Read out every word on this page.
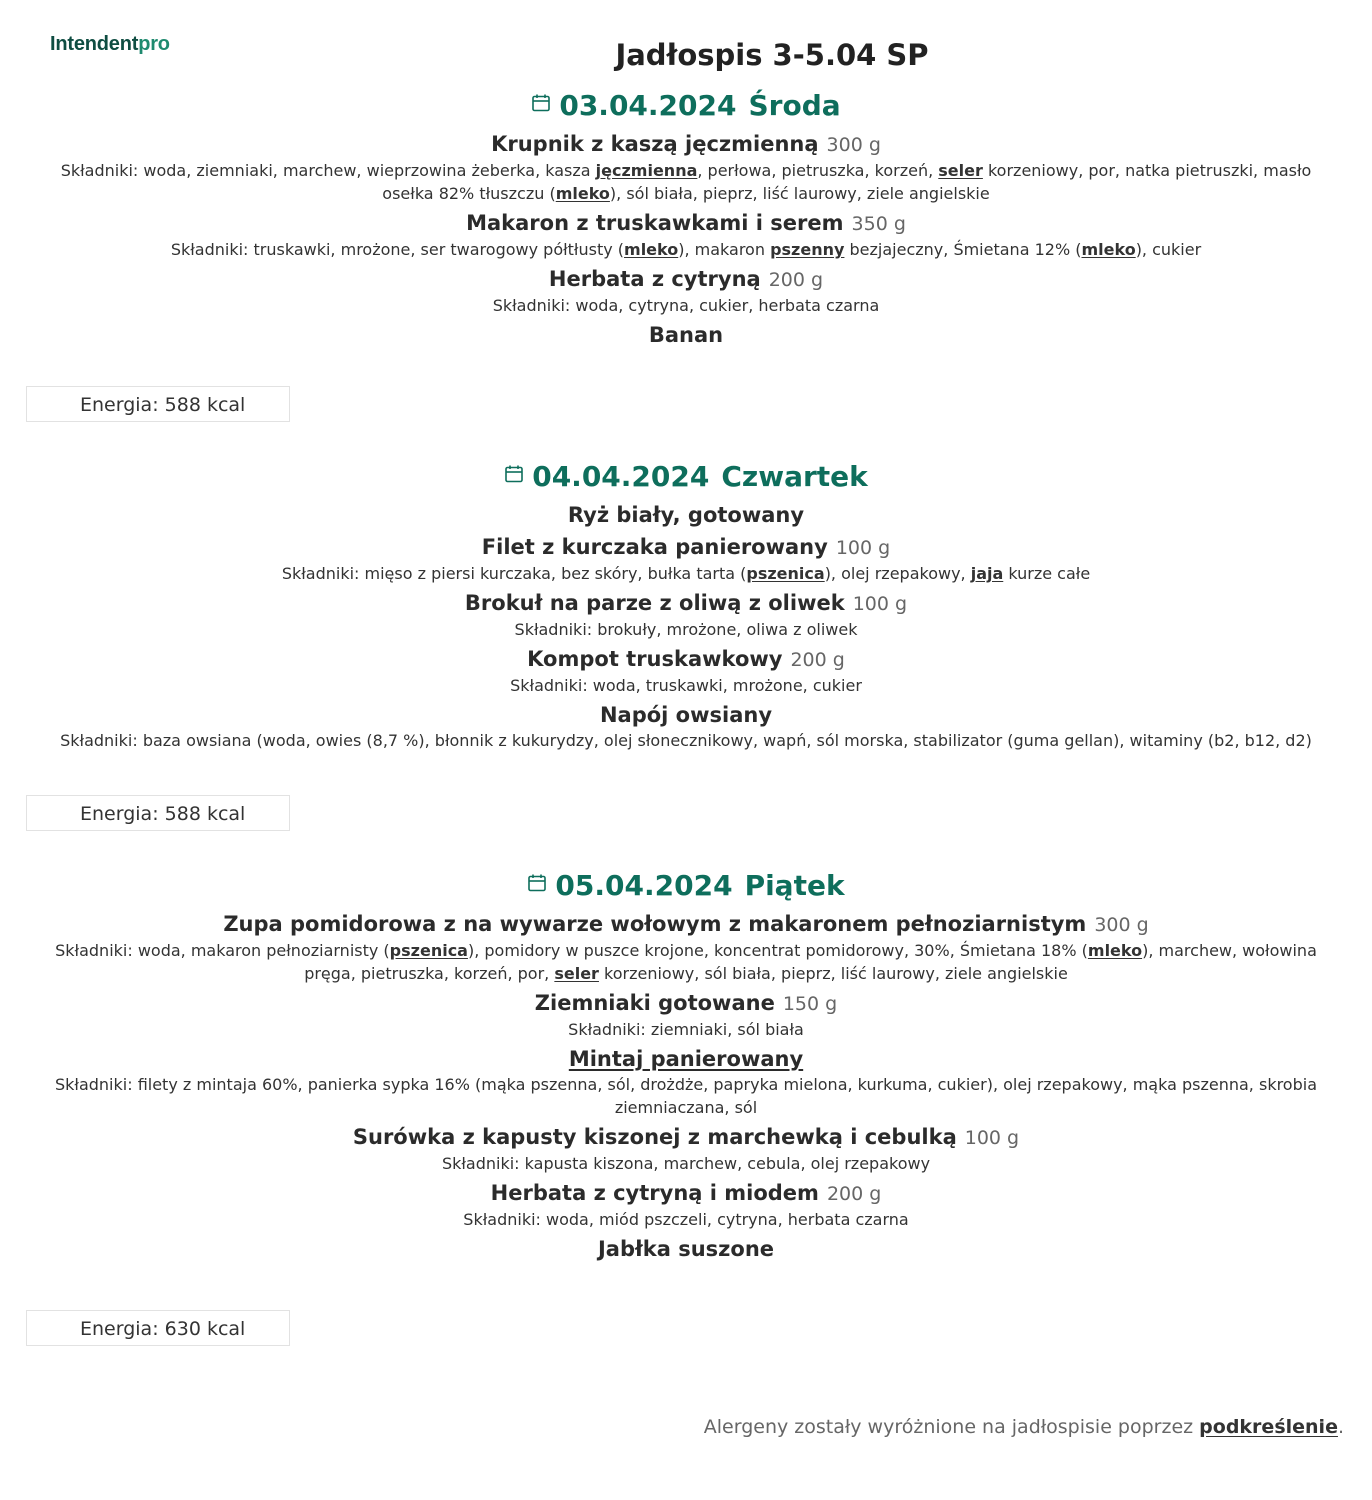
Intendentpro	Jadłospis 3-5.04 SP
03.04.2024 Środa
Krupnik z kaszą jęczmienną 300 g
Składniki: woda, ziemniaki, marchew, wieprzowina żeberka, kasza jęczmienna, perłowa, pietruszka, korzeń, seler korzeniowy, por, natka pietruszki, masło osełka 82% tłuszczu (mleko), sól biała, pieprz, liść laurowy, ziele angielskie
Makaron z truskawkami i serem 350 g
Składniki: truskawki, mrożone, ser twarogowy półtłusty (mleko), makaron pszenny bezjajeczny, Śmietana 12% (mleko), cukier
Herbata z cytryną 200 g
Składniki: woda, cytryna, cukier, herbata czarna
Banan
Energia: 588 kcal
04.04.2024 Czwartek
Ryż biały, gotowany
Filet z kurczaka panierowany 100 g
Składniki: mięso z piersi kurczaka, bez skóry, bułka tarta (pszenica), olej rzepakowy, jaja kurze całe
Brokuł na parze z oliwą z oliwek 100 g
Składniki: brokuły, mrożone, oliwa z oliwek
Kompot truskawkowy 200 g
Składniki: woda, truskawki, mrożone, cukier
Napój owsiany
Składniki: baza owsiana (woda, owies (8,7 %), błonnik z kukurydzy, olej słonecznikowy, wapń, sól morska, stabilizator (guma gellan), witaminy (b2, b12, d2)
Energia: 588 kcal
05.04.2024 Piątek
Zupa pomidorowa z na wywarze wołowym z makaronem pełnoziarnistym 300 g
Składniki: woda, makaron pełnoziarnisty (pszenica), pomidory w puszce krojone, koncentrat pomidorowy, 30%, Śmietana 18% (mleko), marchew, wołowina pręga, pietruszka, korzeń, por, seler korzeniowy, sól biała, pieprz, liść laurowy, ziele angielskie
Ziemniaki gotowane 150 g
Składniki: ziemniaki, sól biała
Mintaj panierowany
Składniki: filety z mintaja 60%, panierka sypka 16% (mąka pszenna, sól, drożdże, papryka mielona, kurkuma, cukier), olej rzepakowy, mąka pszenna, skrobia ziemniaczana, sól
Surówka z kapusty kiszonej z marchewką i cebulką 100 g
Składniki: kapusta kiszona, marchew, cebula, olej rzepakowy
Herbata z cytryną i miodem 200 g
Składniki: woda, miód pszczeli, cytryna, herbata czarna
Jabłka suszone
Energia: 630 kcal
Alergeny zostały wyróżnione na jadłospisie poprzez podkreślenie.
